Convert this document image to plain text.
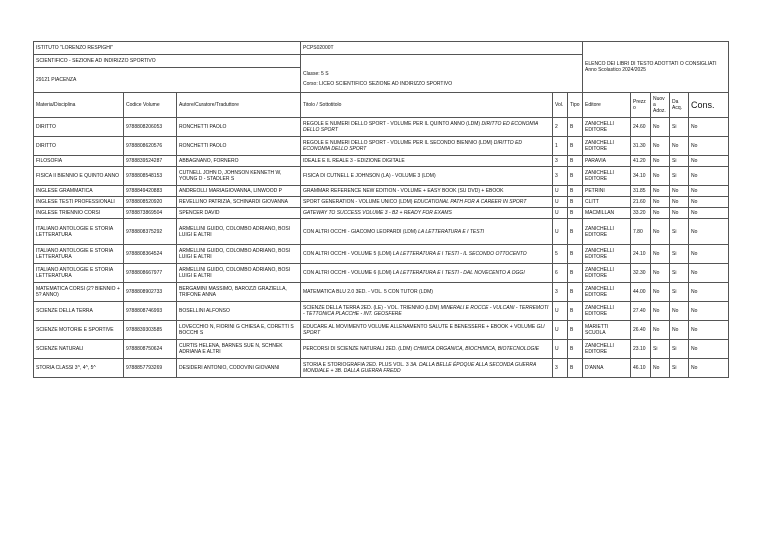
ISTITUTO "LORENZO RESPIGHI"			PCPS02000T			ELENCO DEI LIBRI DI TESTO ADOTTATI O CONSIGLIATI
Anno Scolastico 2024/2025				

SCIENTIFICO - SEZIONE AD INDIRIZZO SPORTIVO			Classe: 5 S
Corso: LICEO SCIENTIFICO SEZIONE AD INDIRIZZO SPORTIVO							

29121 PIACENZA										
Materia/Disciplina	Codice Volume	Autore/Curatore/Traduttore	Titolo / Sottotitolo	Vol.	Tipo	Editore	Prezzo	Nuova Adoz.	Da Acq.	Cons.
DIRITTO	9788808206053	RONCHETTI PAOLO	REGOLE E NUMERI DELLO SPORT - VOLUME PER IL QUINTO ANNO (LDM) DIRITTO ED ECONOMIA DELLO SPORT	2	B	ZANICHELLI EDITORE	24.60	No	Si	No
DIRITTO	9788808620576	RONCHETTI PAOLO	REGOLE E NUMERI DELLO SPORT - VOLUME PER IL SECONDO BIENNIO (LDM) DIRITTO ED ECONOMIA DELLO SPORT	1	B	ZANICHELLI EDITORE	31.30	No	No	No
FILOSOFIA	9788839524287	ABBAGNANO, FORNERO	IDEALE E IL REALE 3 - EDIZIONE DIGITALE	3	B	PARAVIA	41.20	No	Si	No
FISICA II BIENNIO E QUINTO ANNO	9788808548153	CUTNELL JOHN D, JOHNSON KENNETH W, YOUNG D - STADLER S	FISICA DI CUTNELL E JOHNSON (LA) - VOLUME 3 (LDM)	3	B	ZANICHELLI EDITORE	34.10	No	Si	No
INGLESE GRAMMATICA	9788849420883	ANDREOLLI MARIAGIOVANNA, LINWOOD P	GRAMMAR REFERENCE NEW EDITION - VOLUME + EASY BOOK (SU DVD) + EBOOK	U	B	PETRINI	31.85	No	No	No
INGLESE TESTI PROFESSIONALI	9788808520920	REVELLINO PATRIZIA, SCHINARDI GIOVANNA	SPORT GENERATION - VOLUME UNICO (LDM) EDUCATIONAL PATH FOR A CAREER IN SPORT	U	B	CLITT	21.60	No	No	No
INGLESE TRIENNIO CORSI	9788873869504	SPENCER DAVID	GATEWAY TO SUCCESS VOLUME 3 - B2 + READY FOR EXAMS	U	B	MACMILLAN	33.20	No	No	No
ITALIANO ANTOLOGIE E STORIA LETTERATURA	9788808375292	ARMELLINI GUIDO, COLOMBO ADRIANO, BOSI LUIGI E ALTRI	CON ALTRI OCCHI - GIACOMO LEOPARDI (LDM) LA LETTERATURA E I TESTI	U	B	ZANICHELLI EDITORE	7.80	No	Si	No
ITALIANO ANTOLOGIE E STORIA LETTERATURA	9788808364524	ARMELLINI GUIDO, COLOMBO ADRIANO, BOSI LUIGI E ALTRI	CON ALTRI OCCHI - VOLUME 5 (LDM) LA LETTERATURA E I TESTI - IL SECONDO OTTOCENTO	5	B	ZANICHELLI EDITORE	24.10	No	Si	No
ITALIANO ANTOLOGIE E STORIA LETTERATURA	9788808667977	ARMELLINI GUIDO, COLOMBO ADRIANO, BOSI LUIGI E ALTRI	CON ALTRI OCCHI - VOLUME 6 (LDM) LA LETTERATURA E I TESTI - DAL NOVECENTO A OGGI	6	B	ZANICHELLI EDITORE	32.30	No	Si	No
MATEMATICA CORSI (2? BIENNIO + 5? ANNO)	9788808902733	BERGAMINI MASSIMO, BAROZZI GRAZIELLA, TRIFONE ANNA	MATEMATICA BLU 2.0 3ED. - VOL. 5 CON TUTOR (LDM)	3	B	ZANICHELLI EDITORE	44.00	No	Si	No
SCIENZE DELLA TERRA	9788808746993	BOSELLINI ALFONSO	SCIENZE DELLA TERRA 2ED. (LE) - VOL. TRIENNIO (LDM) MINERALI E ROCCE - VULCANI - TERREMOTI - TETTONICA PLACCHE - INT. GEOSFERE	U	B	ZANICHELLI EDITORE	27.40	No	No	No
SCIENZE MOTORIE E SPORTIVE	9788839303585	LOVECCHIO N, FIORINI G CHIESA E, CORETTI S BOCCHI S	EDUCARE AL MOVIMENTO VOLUME ALLENAMENTO SALUTE E BENESSERE + EBOOK + VOLUME GLI SPORT	U	B	MARIETTI SCUOLA	26.40	No	No	No
SCIENZE NATURALI	9788808750624	CURTIS HELENA, BARNES SUE N, SCHNEK ADRIANA E ALTRI	PERCORSI DI SCIENZE NATURALI 2ED. (LDM) CHIMICA ORGANICA, BIOCHIMICA, BIOTECNOLOGIE	U	B	ZANICHELLI EDITORE	23.10	Si	Si	No
STORIA CLASSI 3^, 4^, 5^	9788857793269	DESIDERI ANTONIO, CODOVINI GIOVANNI	STORIA E STORIOGRAFIA 2ED. PLUS VOL. 3 3A. DALLA BELLE ÉPOQUE ALLA SECONDA GUERRA MONDIALE + 3B. DALLA GUERRA FREDD	3	B	D'ANNA	46.10	No	Si	No
